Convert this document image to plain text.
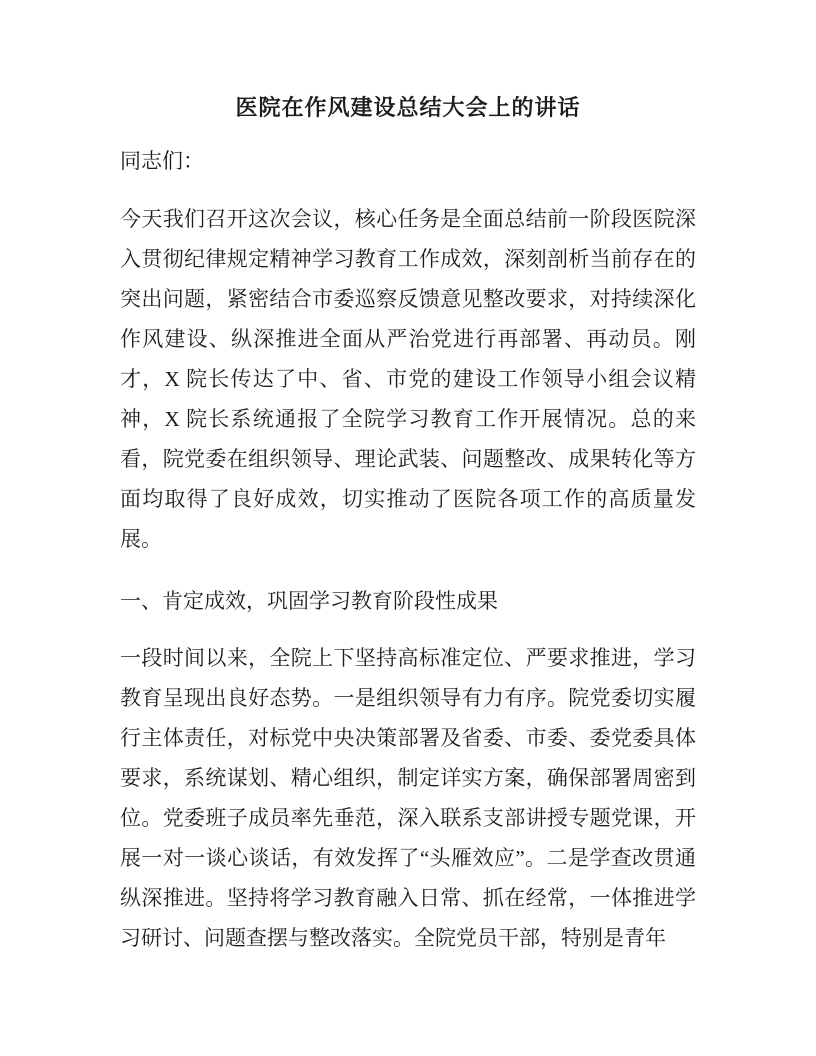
医院在作风建设总结大会上的讲话

同志们：

今天我们召开这次会议，核心任务是全面总结前一阶段医院深入贯彻纪律规定精神学习教育工作成效，深刻剖析当前存在的突出问题，紧密结合市委巡察反馈意见整改要求，对持续深化作风建设、纵深推进全面从严治党进行再部署、再动员。刚才，X 院长传达了中、省、市党的建设工作领导小组会议精神，X 院长系统通报了全院学习教育工作开展情况。总的来看，院党委在组织领导、理论武装、问题整改、成果转化等方面均取得了良好成效，切实推动了医院各项工作的高质量发展。

一、肯定成效，巩固学习教育阶段性成果

一段时间以来，全院上下坚持高标准定位、严要求推进，学习教育呈现出良好态势。一是组织领导有力有序。院党委切实履行主体责任，对标党中央决策部署及省委、市委、委党委具体要求，系统谋划、精心组织，制定详实方案，确保部署周密到位。党委班子成员率先垂范，深入联系支部讲授专题党课，开展一对一谈心谈话，有效发挥了“头雁效应”。二是学查改贯通纵深推进。坚持将学习教育融入日常、抓在经常，一体推进学习研讨、问题查摆与整改落实。全院党员干部，特别是青年
